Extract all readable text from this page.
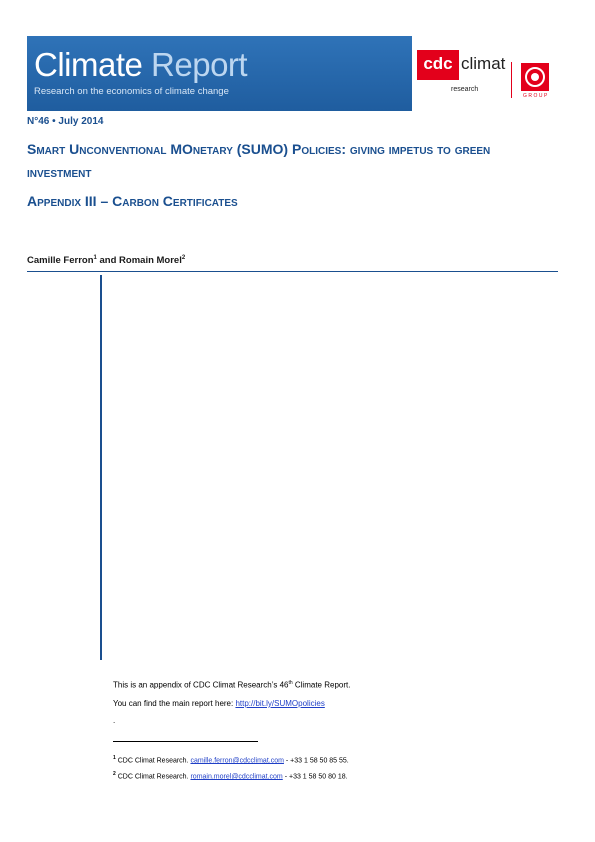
Climate Report
Research on the economics of climate change
cdc climat
research
GROUP
N°46 • July 2014
Smart Unconventional MOnetary (SUMO) Policies: giving impetus to green investment
Appendix III – Carbon Certificates
Camille Ferron$^1$ and Romain Morel$^2$
This is an appendix of CDC Climat Research’s 46th Climate Report.
You can find the main report here: http://bit.ly/SUMOpolicies
.
$^1$ CDC Climat Research. camille.ferron@cdcclimat.com - +33 1 58 50 85 55.
$^2$ CDC Climat Research. romain.morel@cdcclimat.com - +33 1 58 50 80 18.
